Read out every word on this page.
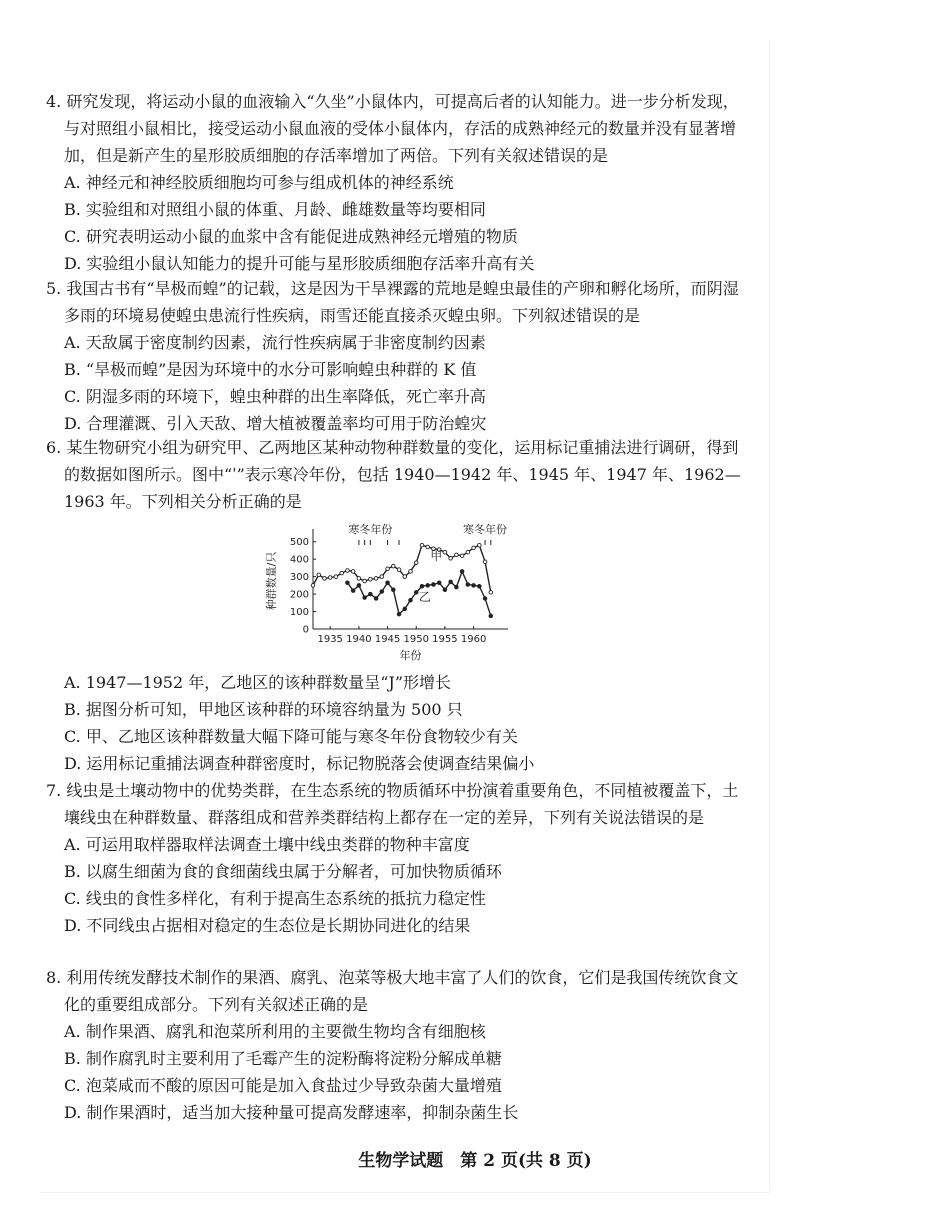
4. 研究发现，将运动小鼠的血液输入“久坐”小鼠体内，可提高后者的认知能力。进一步分析发现，与对照组小鼠相比，接受运动小鼠血液的受体小鼠体内，存活的成熟神经元的数量并没有显著增加，但是新产生的星形胶质细胞的存活率增加了两倍。下列有关叙述错误的是

A. 神经元和神经胶质细胞均可参与组成机体的神经系统

B. 实验组和对照组小鼠的体重、月龄、雌雄数量等均要相同

C. 研究表明运动小鼠的血浆中含有能促进成熟神经元增殖的物质

D. 实验组小鼠认知能力的提升可能与星形胶质细胞存活率升高有关

5. 我国古书有“旱极而蝗”的记载，这是因为干旱裸露的荒地是蝗虫最佳的产卵和孵化场所，而阴湿多雨的环境易使蝗虫患流行性疾病，雨雪还能直接杀灭蝗虫卵。下列叙述错误的是

A. 天敌属于密度制约因素，流行性疾病属于非密度制约因素

B. “旱极而蝗”是因为环境中的水分可影响蝗虫种群的 K 值

C. 阴湿多雨的环境下，蝗虫种群的出生率降低，死亡率升高

D. 合理灌溉、引入天敌、增大植被覆盖率均可用于防治蝗灾

6. 某生物研究小组为研究甲、乙两地区某种动物种群数量的变化，运用标记重捕法进行调研，得到的数据如图所示。图中“ˈ”表示寒冷年份，包括 1940—1942 年、1945 年、1947 年、1962—1963 年。下列相关分析正确的是

0
100
200
300
400
500
1935 1940 1945 1950 1955 1960
年份
种群数量/只
寒冬年份	寒冬年份
甲
乙

A. 1947—1952 年，乙地区的该种群数量呈“J”形增长

B. 据图分析可知，甲地区该种群的环境容纳量为 500 只

C. 甲、乙地区该种群数量大幅下降可能与寒冬年份食物较少有关

D. 运用标记重捕法调查种群密度时，标记物脱落会使调查结果偏小

7. 线虫是土壤动物中的优势类群，在生态系统的物质循环中扮演着重要角色，不同植被覆盖下，土壤线虫在种群数量、群落组成和营养类群结构上都存在一定的差异，下列有关说法错误的是

A. 可运用取样器取样法调查土壤中线虫类群的物种丰富度

B. 以腐生细菌为食的食细菌线虫属于分解者，可加快物质循环

C. 线虫的食性多样化，有利于提高生态系统的抵抗力稳定性

D. 不同线虫占据相对稳定的生态位是长期协同进化的结果

8. 利用传统发酵技术制作的果酒、腐乳、泡菜等极大地丰富了人们的饮食，它们是我国传统饮食文化的重要组成部分。下列有关叙述正确的是

A. 制作果酒、腐乳和泡菜所利用的主要微生物均含有细胞核

B. 制作腐乳时主要利用了毛霉产生的淀粉酶将淀粉分解成单糖

C. 泡菜咸而不酸的原因可能是加入食盐过少导致杂菌大量增殖

D. 制作果酒时，适当加大接种量可提高发酵速率，抑制杂菌生长

生物学试题　第 2 页(共 8 页)
